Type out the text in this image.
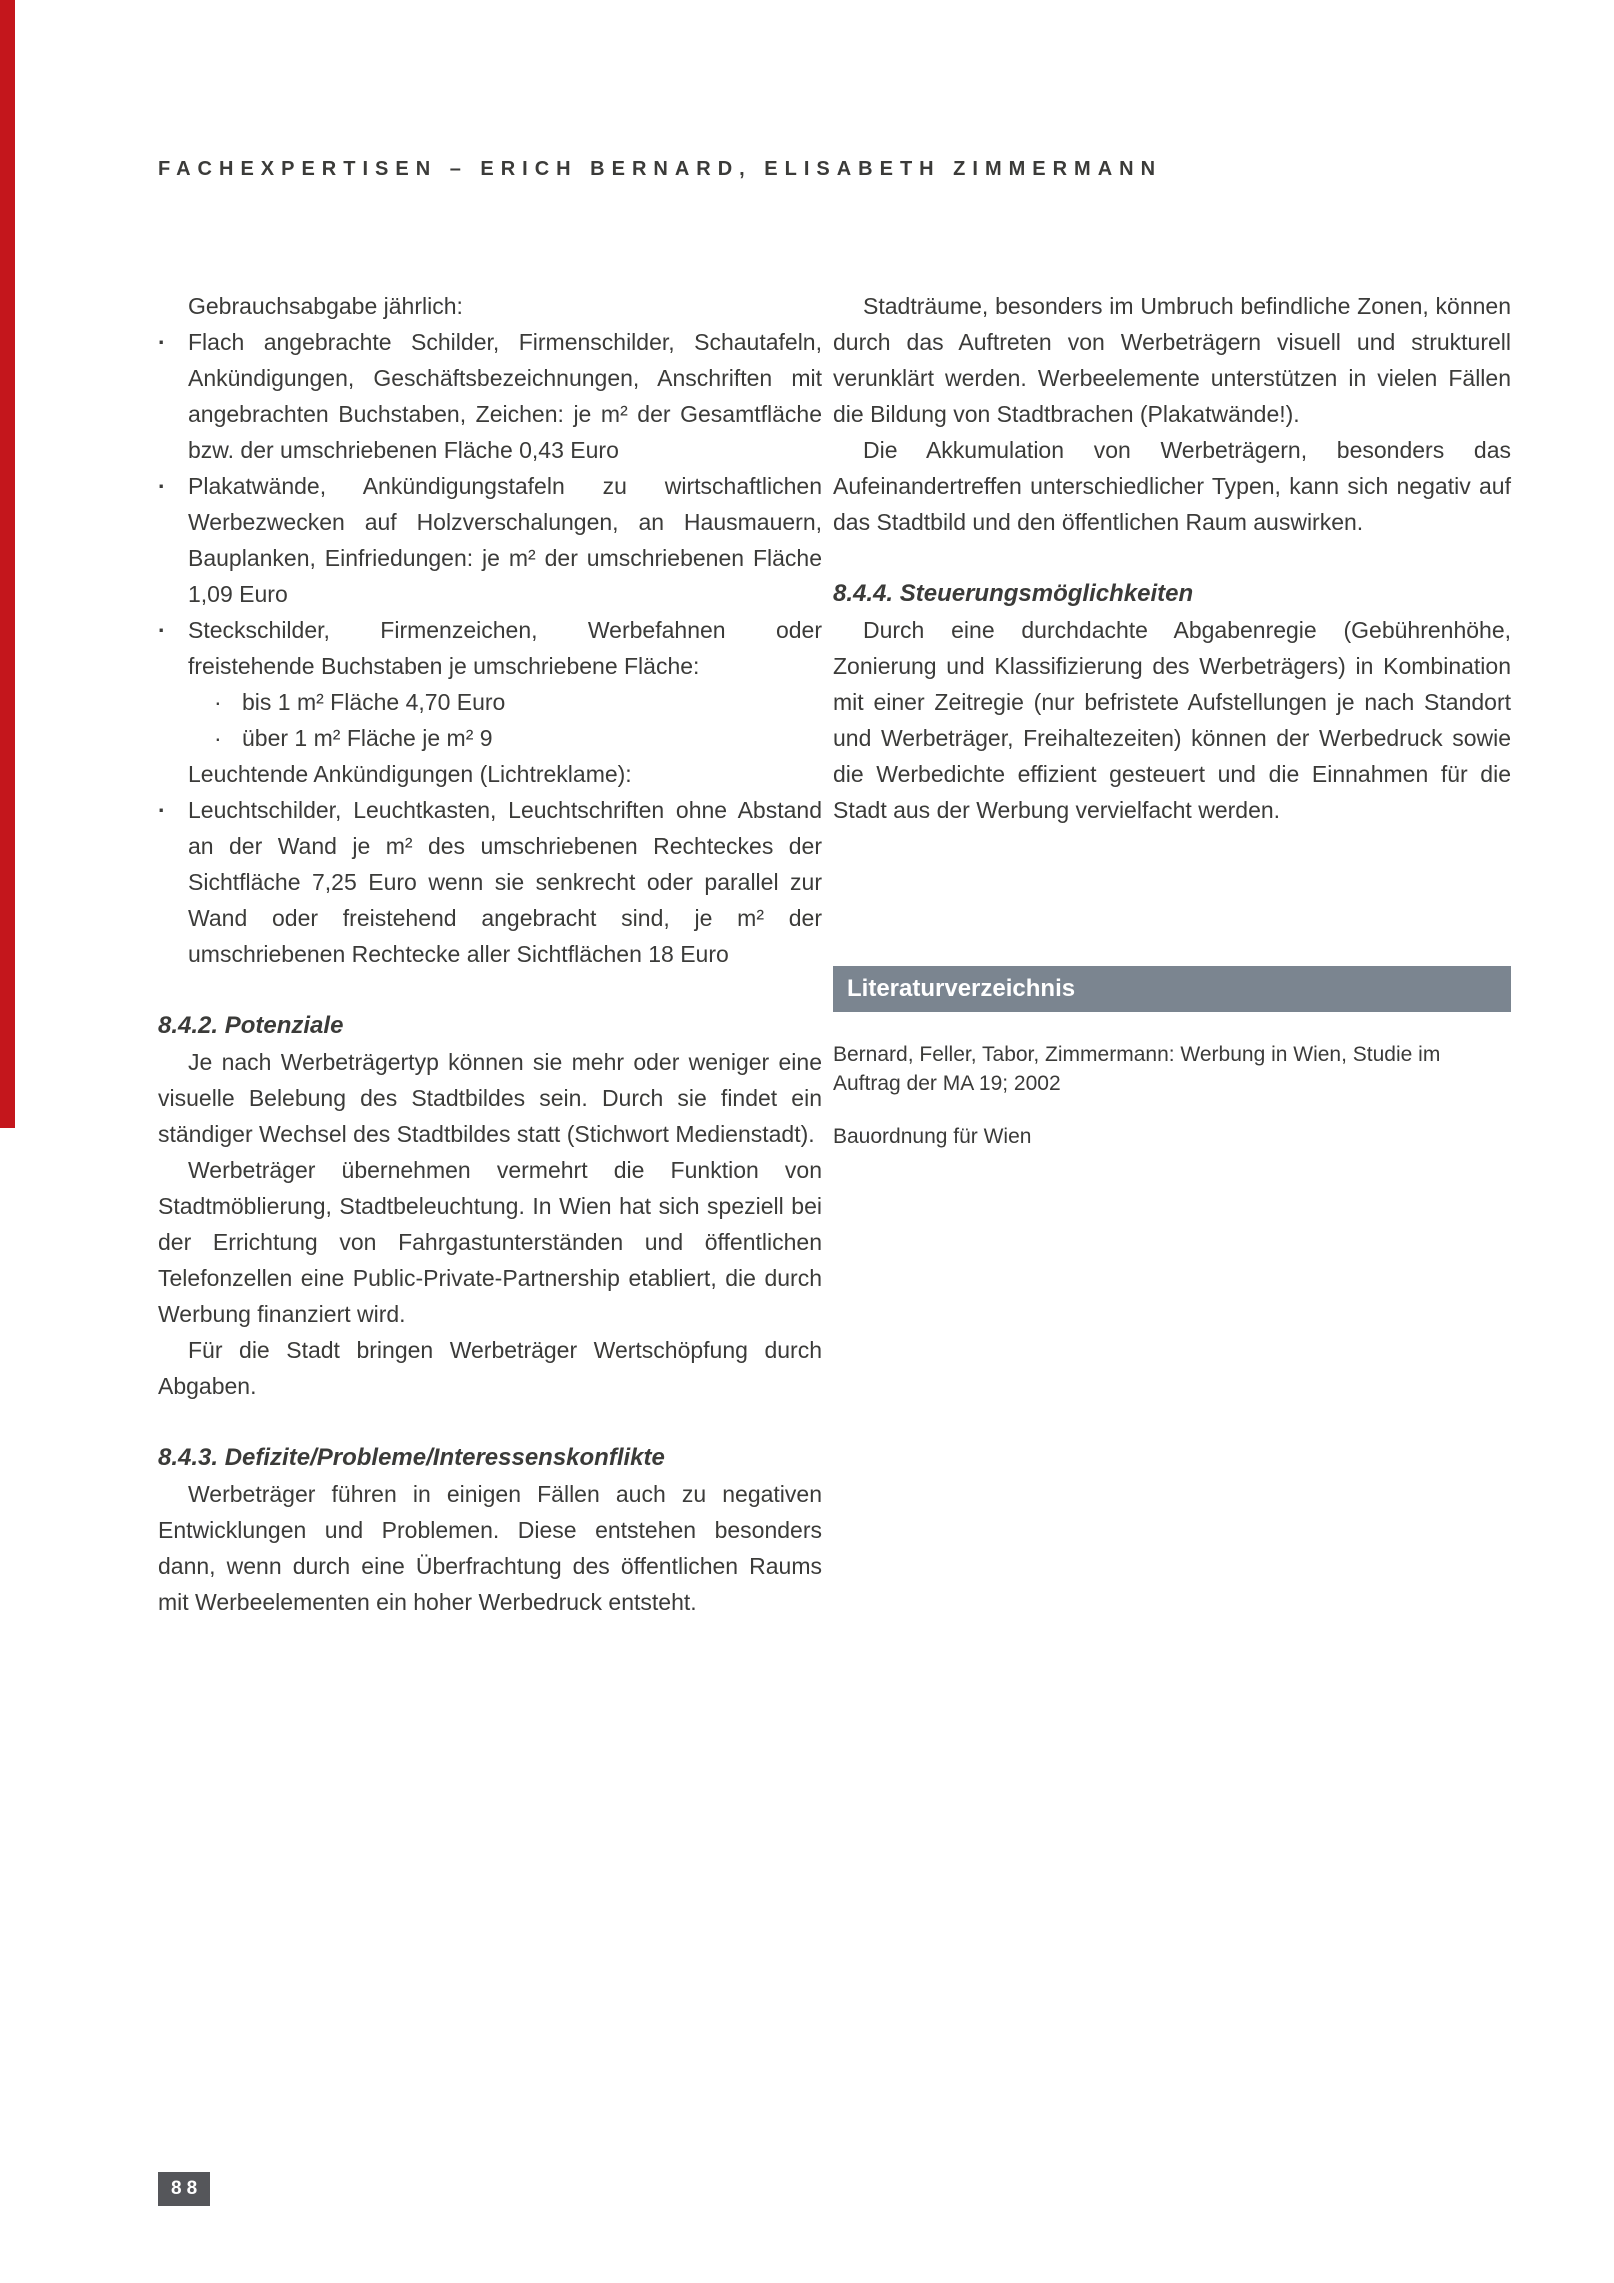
FACHEXPERTISEN – ERICH BERNARD, ELISABETH ZIMMERMANN

Gebrauchsabgabe jährlich:

·
Flach angebrachte Schilder, Firmenschilder, Schautafeln, Ankündigungen, Geschäftsbezeichnungen, Anschriften mit angebrachten Buchstaben, Zeichen: je m² der Gesamtfläche bzw. der umschriebenen Fläche 0,43 Euro
·
Plakatwände, Ankündigungstafeln zu wirtschaftlichen Werbezwecken auf Holzverschalungen, an Hausmauern, Bauplanken, Einfriedungen: je m² der umschriebenen Fläche 1,09 Euro
·
Steckschilder, Firmenzeichen, Werbefahnen oder freistehende Buchstaben je umschriebene Fläche:
·
bis 1 m² Fläche 4,70 Euro
·
über 1 m² Fläche je m² 9

Leuchtende Ankündigungen (Lichtreklame):

·
Leuchtschilder, Leuchtkasten, Leuchtschriften ohne Abstand an der Wand je m² des umschriebenen Rechteckes der Sichtfläche 7,25 Euro wenn sie senkrecht oder parallel zur Wand oder freistehend angebracht sind, je m² der umschriebenen Rechtecke aller Sichtflächen 18 Euro
8.4.2. Potenziale

Je nach Werbeträgertyp können sie mehr oder weniger eine visuelle Belebung des Stadtbildes sein. Durch sie findet ein ständiger Wechsel des Stadtbildes statt (Stichwort Medienstadt).

Werbeträger übernehmen vermehrt die Funktion von Stadtmöblierung, Stadtbeleuchtung. In Wien hat sich speziell bei der Errichtung von Fahrgastunterständen und öffentlichen Telefonzellen eine Public-Private-Partnership etabliert, die durch Werbung finanziert wird.

Für die Stadt bringen Werbeträger Wertschöpfung durch Abgaben.

8.4.3. Defizite/Probleme/Interessenskonflikte

Werbeträger führen in einigen Fällen auch zu negativen Entwicklungen und Problemen. Diese entstehen besonders dann, wenn durch eine Überfrachtung des öffentlichen Raums mit Werbeelementen ein hoher Werbedruck entsteht.

Stadträume, besonders im Umbruch befindliche Zonen, können durch das Auftreten von Werbeträgern visuell und strukturell verunklärt werden. Werbeelemente unterstützen in vielen Fällen die Bildung von Stadtbrachen (Plakatwände!).

Die Akkumulation von Werbeträgern, besonders das Aufeinandertreffen unterschiedlicher Typen, kann sich negativ auf das Stadtbild und den öffentlichen Raum auswirken.

8.4.4. Steuerungsmöglichkeiten

Durch eine durchdachte Abgabenregie (Gebührenhöhe, Zonierung und Klassifizierung des Werbeträgers) in Kombination mit einer Zeitregie (nur befristete Aufstellungen je nach Standort und Werbeträger, Freihaltezeiten) können der Werbedruck sowie die Werbedichte effizient gesteuert und die Einnahmen für die Stadt aus der Werbung vervielfacht werden.

Literaturverzeichnis

Bernard, Feller, Tabor, Zimmermann: Werbung in Wien, Studie im Auftrag der MA 19; 2002

Bauordnung für Wien

88
